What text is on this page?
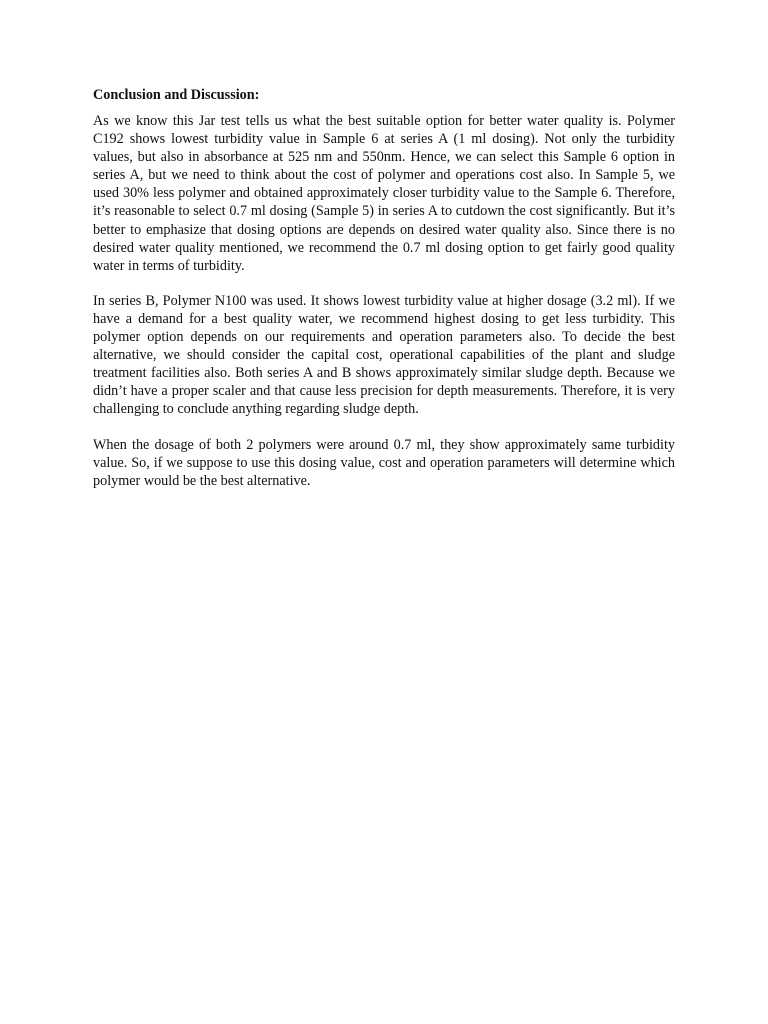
Conclusion and Discussion:

As we know this Jar test tells us what the best suitable option for better water quality is. Polymer C192 shows lowest turbidity value in Sample 6 at series A (1 ml dosing). Not only the turbidity values, but also in absorbance at 525 nm and 550nm. Hence, we can select this Sample 6 option in series A, but we need to think about the cost of polymer and operations cost also. In Sample 5, we used 30% less polymer and obtained approximately closer turbidity value to the Sample 6. Therefore, it’s reasonable to select 0.7 ml dosing (Sample 5) in series A to cutdown the cost significantly. But it’s better to emphasize that dosing options are depends on desired water quality also. Since there is no desired water quality mentioned, we recommend the 0.7 ml dosing option to get fairly good quality water in terms of turbidity.

In series B, Polymer N100 was used. It shows lowest turbidity value at higher dosage (3.2 ml). If we have a demand for a best quality water, we recommend highest dosing to get less turbidity. This polymer option depends on our requirements and operation parameters also. To decide the best alternative, we should consider the capital cost, operational capabilities of the plant and sludge treatment facilities also. Both series A and B shows approximately similar sludge depth. Because we didn’t have a proper scaler and that cause less precision for depth measurements. Therefore, it is very challenging to conclude anything regarding sludge depth.

When the dosage of both 2 polymers were around 0.7 ml, they show approximately same turbidity value. So, if we suppose to use this dosing value, cost and operation parameters will determine which polymer would be the best alternative.
